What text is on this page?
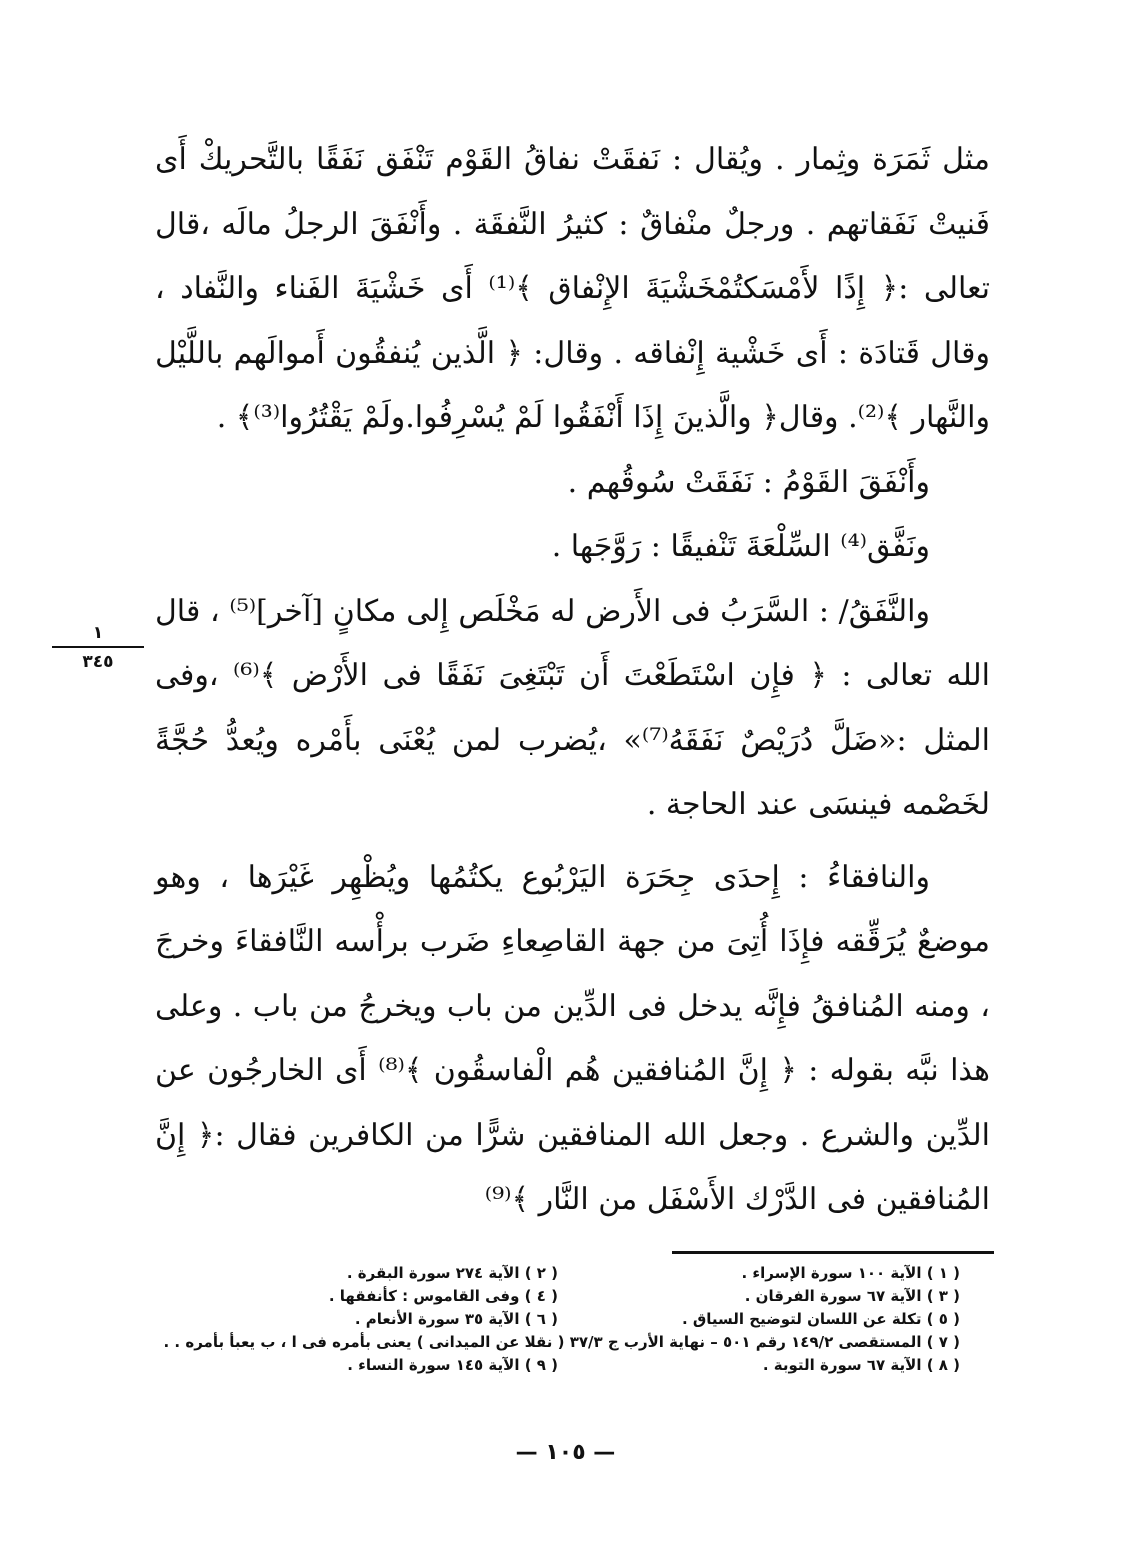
مثل ثَمَرَة وثِمار . ويُقال : نَفقَتْ نفاقُ القَوْم تَنْفَق نَفَقًا بالتَّحريكْ أَى فَنيتْ نَفَقاتهم . ورجلٌ منْفاقٌ : كثيرُ النَّفقَة . وأَنْفَقَ الرجلُ مالَه ،قال تعالى :﴿ إِذًا لأَمْسَكتُمْخَشْيَةَ الإِنْفاق ﴾⁽¹⁾ أَى خَشْيَةَ الفَناء والنَّفاد ، وقال قَتادَة : أَى خَشْية إِنْفاقه . وقال: ﴿ الَّذين يُنفقُون أَموالَهم باللَّيْل والنَّهار ﴾⁽²⁾. وقال﴿ والَّذينَ إِذَا أَنْفَقُوا لَمْ يُسْرِفُوا.ولَمْ يَقْتُرُوا⁽³⁾﴾ .

وأَنْفَقَ القَوْمُ : نَفَقَتْ سُوقُهم .

ونَفَّق⁽⁴⁾ السِّلْعَةَ تَنْفيقًا : رَوَّجَها .

والنَّفَقُ/ : السَّرَبُ فى الأَرض له مَخْلَص إِلى مكانٍ [آخر]⁽⁵⁾ ، قال الله تعالى : ﴿ فإِن اسْتَطَعْتَ أَن تَبْتَغِىَ نَفَقًا فى الأَرْض ﴾⁽⁶⁾ ،وفى المثل :«ضَلَّ دُرَيْصٌ نَفَقَهُ⁽⁷⁾» ،يُضرب لمن يُعْنَى بأَمْره ويُعدُّ حُجَّةً لخَصْمه فينسَى عند الحاجة .

والنافقاءُ : إِحدَى جِحَرَة اليَرْبُوع يكتُمُها ويُظْهِر غَيْرَها ، وهو موضعٌ يُرَقِّقه فإِذَا أُتِىَ من جهة القاصِعاءِ ضَرب برأْسه النَّافقاءَ وخرجَ ، ومنه المُنافقُ فإِنَّه يدخل فى الدِّين من باب ويخرجُ من باب . وعلى هذا نبَّه بقوله : ﴿ إِنَّ المُنافقين هُم الْفاسقُون ﴾⁽⁸⁾ أَى الخارجُون عن الدِّين والشرع . وجعل الله المنافقين شرًّا من الكافرين فقال :﴿ إِنَّ المُنافقين فى الدَّرْك الأَسْفَل من النَّار ﴾⁽⁹⁾

١
٣٤٥
( ١ ) الآية ١٠٠ سورة الإسراء .
( ٢ ) الآية ٢٧٤ سورة البقرة .
( ٣ ) الآية ٦٧ سورة الفرقان .
( ٤ ) وفى القاموس : كأنفقها .
( ٥ ) تكلة عن اللسان لتوضيح السياق .
( ٦ ) الآية ٣٥ سورة الأنعام .
( ٧ ) المستقصى ١٤٩/٢ رقم ٥٠١ – نهاية الأرب ج ٣٧/٣ ( نقلا عن الميدانى ) يعنى بأمره فى ا ، ب يعبأ بأمره . .
( ٨ ) الآية ٦٧ سورة التوبة .
( ٩ ) الآية ١٤٥ سورة النساء .
— ١٠٥ —
